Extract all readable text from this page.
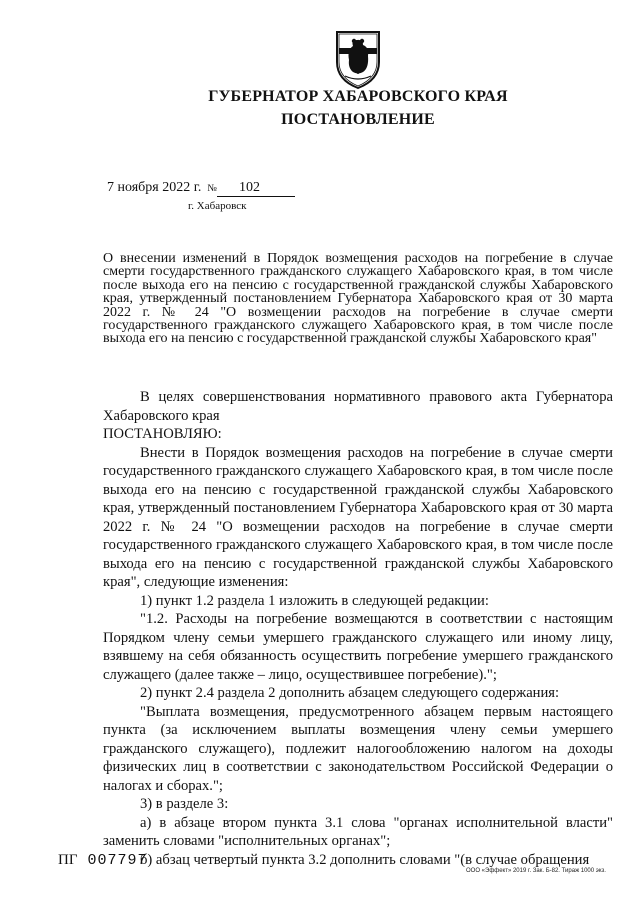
ГУБЕРНАТОР ХАБАРОВСКОГО КРАЯ
ПОСТАНОВЛЕНИЕ
7 ноября 2022 г. № 102
г. Хабаровск

О внесении изменений в Порядок возмещения расходов на погребение в случае смерти государственного гражданского служащего Хабаровского края, в том числе после выхода его на пенсию с государственной гражданской службы Хабаровского края, утвержденный постановлением Губернатора Хабаровского края от 30 марта 2022 г. № 24 "О возмещении расходов на погребение в случае смерти государственного гражданского служащего Хабаровского края, в том числе после выхода его на пенсию с государственной гражданской службы Хабаровского края"

В целях совершенствования нормативного правового акта Губернатора Хабаровского края

ПОСТАНОВЛЯЮ:

Внести в Порядок возмещения расходов на погребение в случае смерти государственного гражданского служащего Хабаровского края, в том числе после выхода его на пенсию с государственной гражданской службы Хабаровского края, утвержденный постановлением Губернатора Хабаровского края от 30 марта 2022 г. № 24 "О возмещении расходов на погребение в случае смерти государственного гражданского служащего Хабаровского края, в том числе после выхода его на пенсию с государственной гражданской службы Хабаровского края", следующие изменения:

1) пункт 1.2 раздела 1 изложить в следующей редакции:

"1.2. Расходы на погребение возмещаются в соответствии с настоящим Порядком члену семьи умершего гражданского служащего или иному лицу, взявшему на себя обязанность осуществить погребение умершего гражданского служащего (далее также – лицо, осуществившее погребение).";

2) пункт 2.4 раздела 2 дополнить абзацем следующего содержания:

"Выплата возмещения, предусмотренного абзацем первым настоящего пункта (за исключением выплаты возмещения члену семьи умершего гражданского служащего), подлежит налогообложению налогом на доходы физических лиц в соответствии с законодательством Российской Федерации о налогах и сборах.";

3) в разделе 3:

а) в абзаце втором пункта 3.1 слова "органах исполнительной власти" заменить словами "исполнительных органах";

б) абзац четвертый пункта 3.2 дополнить словами "(в случае обращения

ПГ 007797
ООО «Эффект» 2019 г. Зак. Б-82. Тираж 1000 экз.
